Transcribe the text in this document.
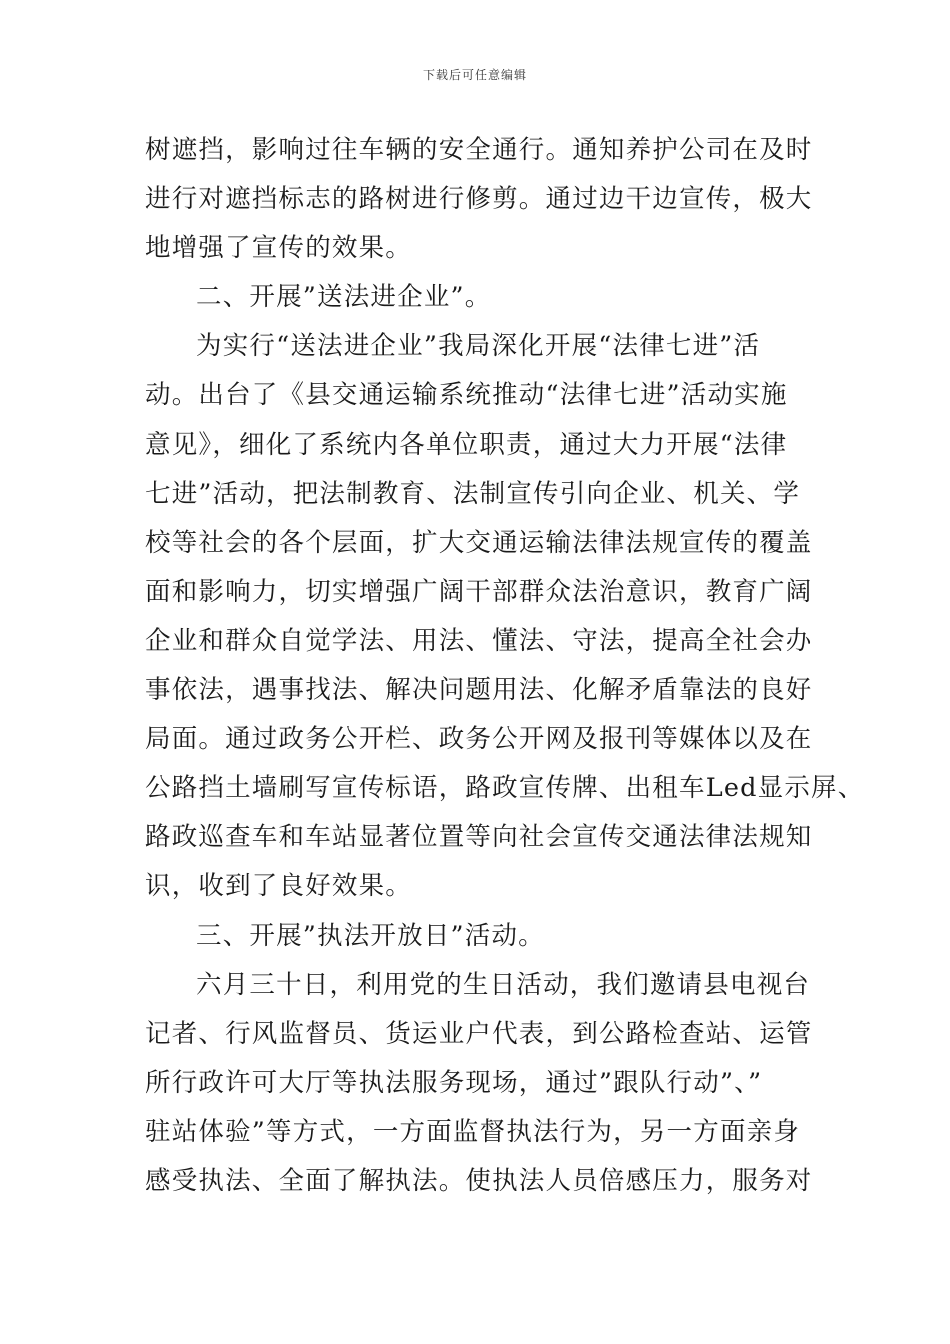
下载后可任意编辑
树遮挡，影响过往车辆的安全通行。通知养护公司在及时
进行对遮挡标志的路树进行修剪。通过边干边宣传，极大
地增强了宣传的效果。
二、开展”送法进企业”。
为实行“送法进企业”我局深化开展“法律七进”活
动。出台了《县交通运输系统推动“法律七进”活动实施
意见》，细化了系统内各单位职责，通过大力开展“法律
七进”活动，把法制教育、法制宣传引向企业、机关、学
校等社会的各个层面，扩大交通运输法律法规宣传的覆盖
面和影响力，切实增强广阔干部群众法治意识，教育广阔
企业和群众自觉学法、用法、懂法、守法，提高全社会办
事依法，遇事找法、解决问题用法、化解矛盾靠法的良好
局面。通过政务公开栏、政务公开网及报刊等媒体以及在
公路挡土墙刷写宣传标语，路政宣传牌、出租车Led显示屏、
路政巡查车和车站显著位置等向社会宣传交通法律法规知
识，收到了良好效果。
三、开展”执法开放日”活动。
六月三十日，利用党的生日活动，我们邀请县电视台
记者、行风监督员、货运业户代表，到公路检查站、运管
所行政许可大厅等执法服务现场，通过”跟队行动”、”
驻站体验”等方式，一方面监督执法行为，另一方面亲身
感受执法、全面了解执法。使执法人员倍感压力，服务对
